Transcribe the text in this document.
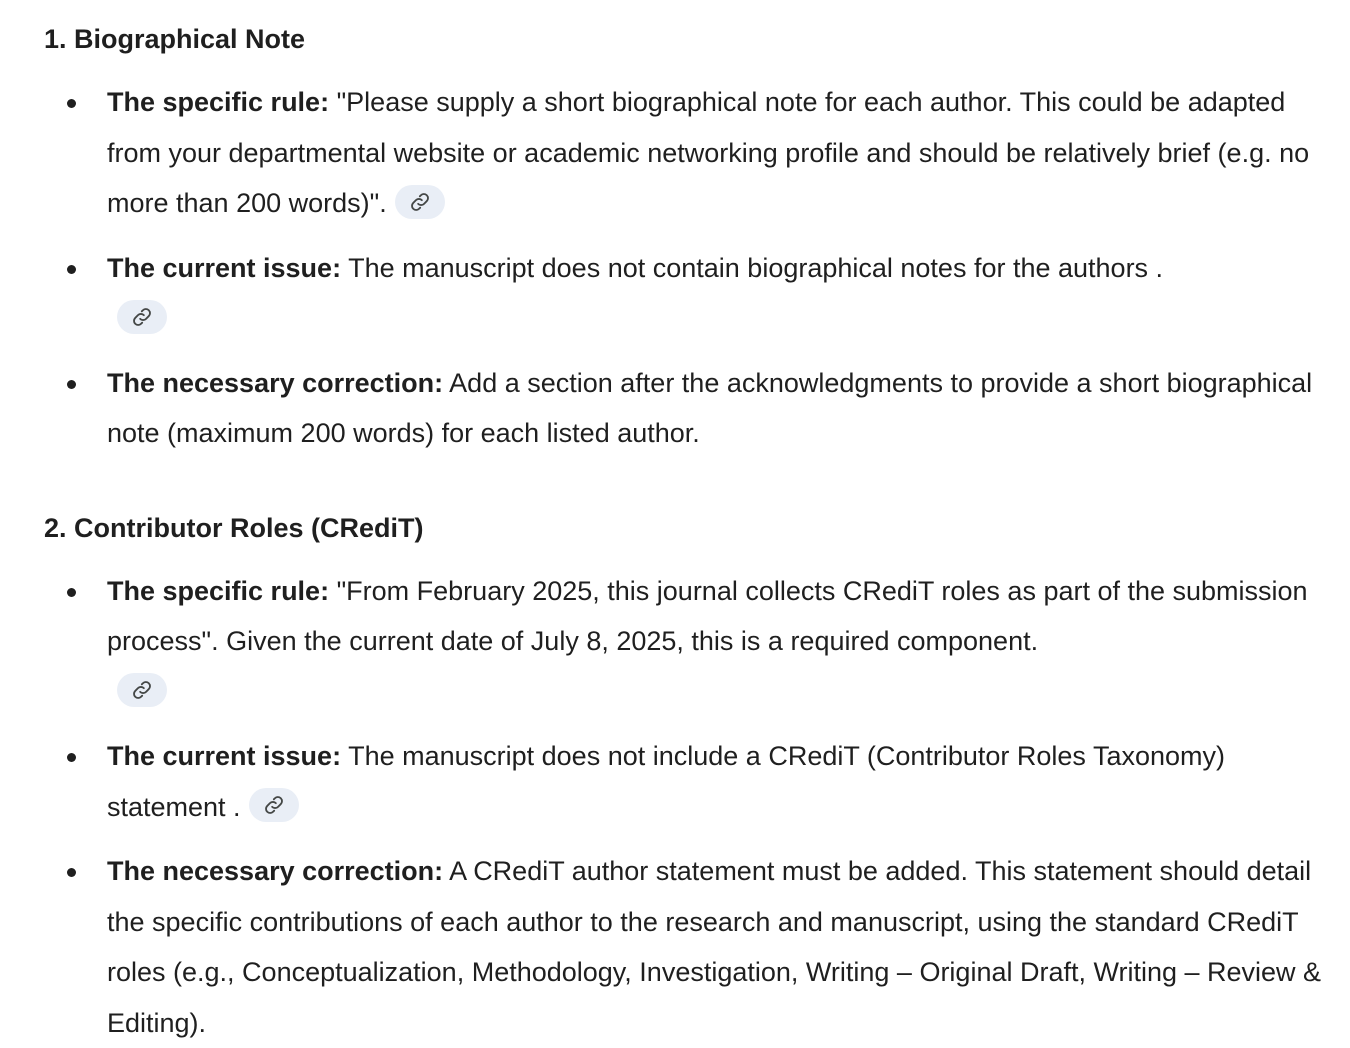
1. Biographical Note
The specific rule: "Please supply a short biographical note for each author. This could be adapted from your departmental website or academic networking profile and should be relatively brief (e.g. no more than 200 words)".
The current issue: The manuscript does not contain biographical notes for the authors .

The necessary correction: Add a section after the acknowledgments to provide a short biographical note (maximum 200 words) for each listed author.
2. Contributor Roles (CRediT)
The specific rule: "From February 2025, this journal collects CRediT roles as part of the submission process". Given the current date of July 8, 2025, this is a required component.

The current issue: The manuscript does not include a CRediT (Contributor Roles Taxonomy) statement .
The necessary correction: A CRediT author statement must be added. This statement should detail the specific contributions of each author to the research and manuscript, using the standard CRediT roles (e.g., Conceptualization, Methodology, Investigation, Writing – Original Draft, Writing – Review & Editing).
